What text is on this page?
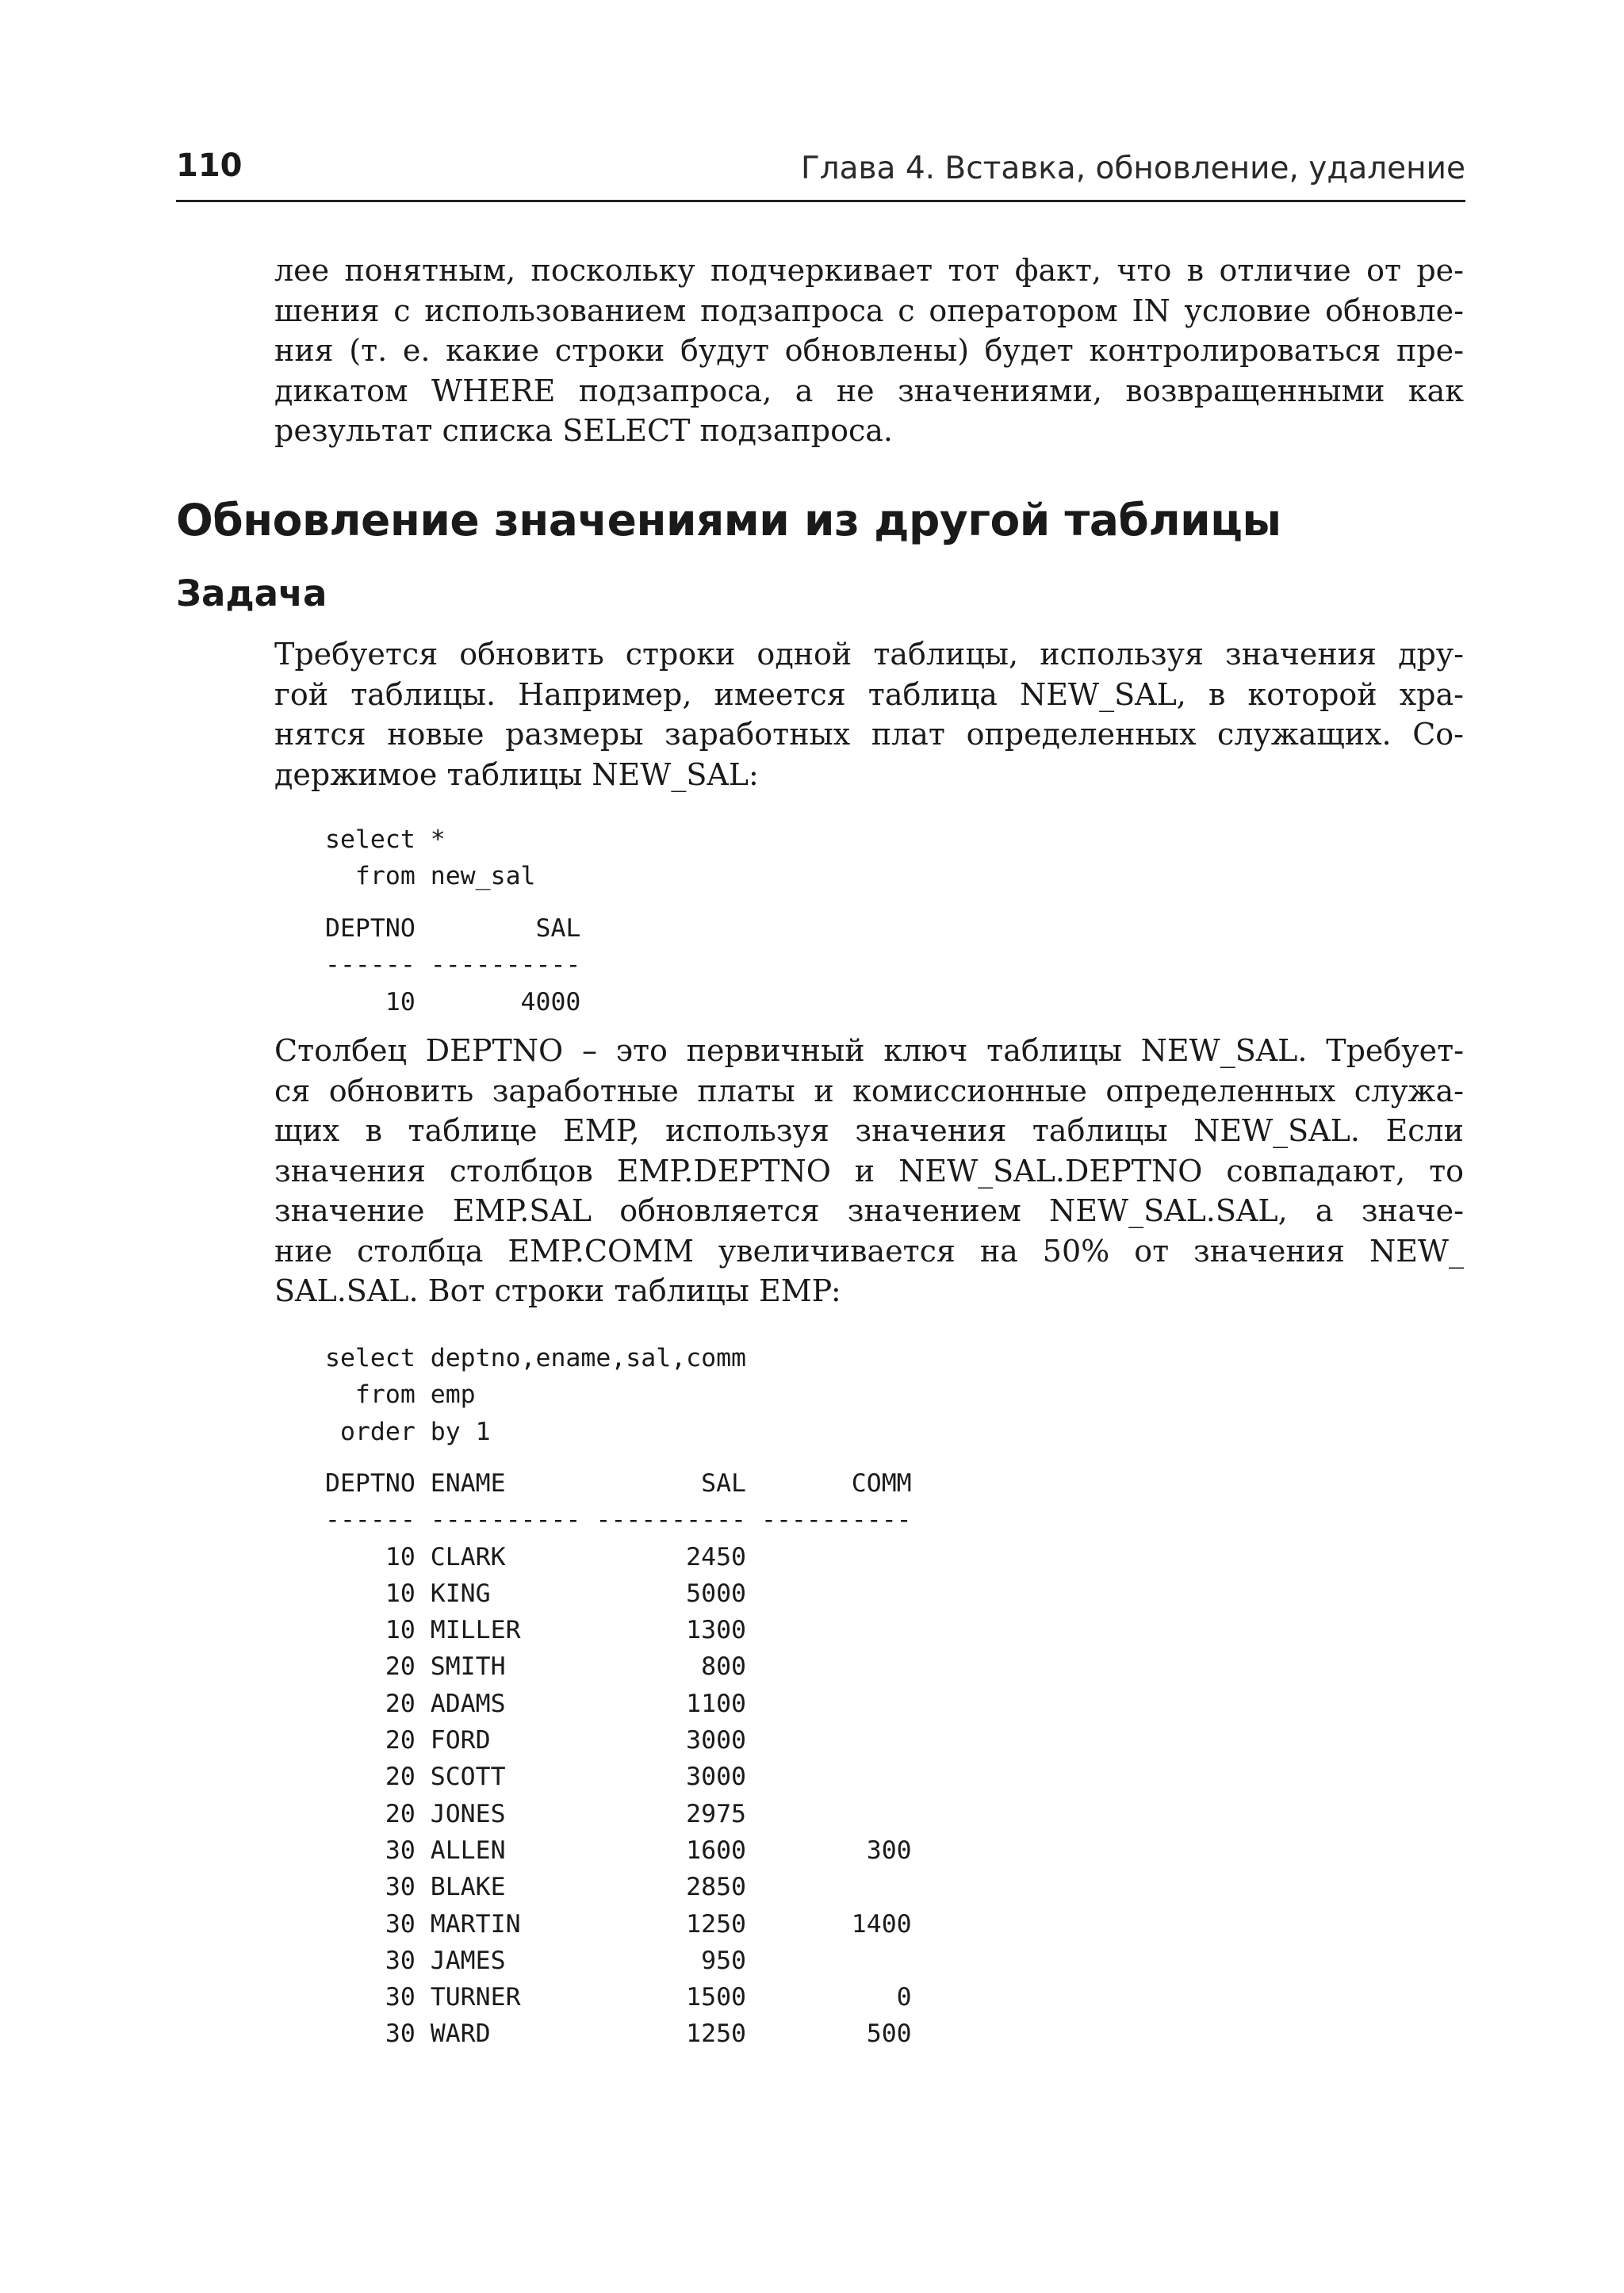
110	Глава 4. Вставка, обновление, удаление

лее понятным, поскольку подчеркивает тот факт, что в отличие от ре-
шения с использованием подзапроса с оператором IN условие обновле-
ния (т. е. какие строки будут обновлены) будет контролироваться пре-
дикатом WHERE подзапроса, а не значениями, возвращенными как
результат списка SELECT подзапроса.

Обновление значениями из другой таблицы
Задача

Требуется обновить строки одной таблицы, используя значения дру-
гой таблицы. Например, имеется таблица NEW_SAL, в которой хра-
нятся новые размеры заработных плат определенных служащих. Со-
держимое таблицы NEW_SAL:

select *
from new_sal
DEPTNO        SAL
------ ----------
10       4000

Столбец DEPTNO – это первичный ключ таблицы NEW_SAL. Требует-
ся обновить заработные платы и комиссионные определенных служа-
щих в таблице EMP, используя значения таблицы NEW_SAL. Если
значения столбцов EMP.DEPTNO и NEW_SAL.DEPTNO совпадают, то
значение EMP.SAL обновляется значением NEW_SAL.SAL, а значе-
ние столбца EMP.COMM увеличивается на 50% от значения NEW_
SAL.SAL. Вот строки таблицы EMP:

select deptno,ename,sal,comm
from emp
order by 1
DEPTNO ENAME             SAL       COMM
------ ---------- ---------- ----------
10 CLARK            2450
10 KING             5000
10 MILLER           1300
20 SMITH             800
20 ADAMS            1100
20 FORD             3000
20 SCOTT            3000
20 JONES            2975
30 ALLEN            1600        300
30 BLAKE            2850
30 MARTIN           1250       1400
30 JAMES             950
30 TURNER           1500          0
30 WARD             1250        500
